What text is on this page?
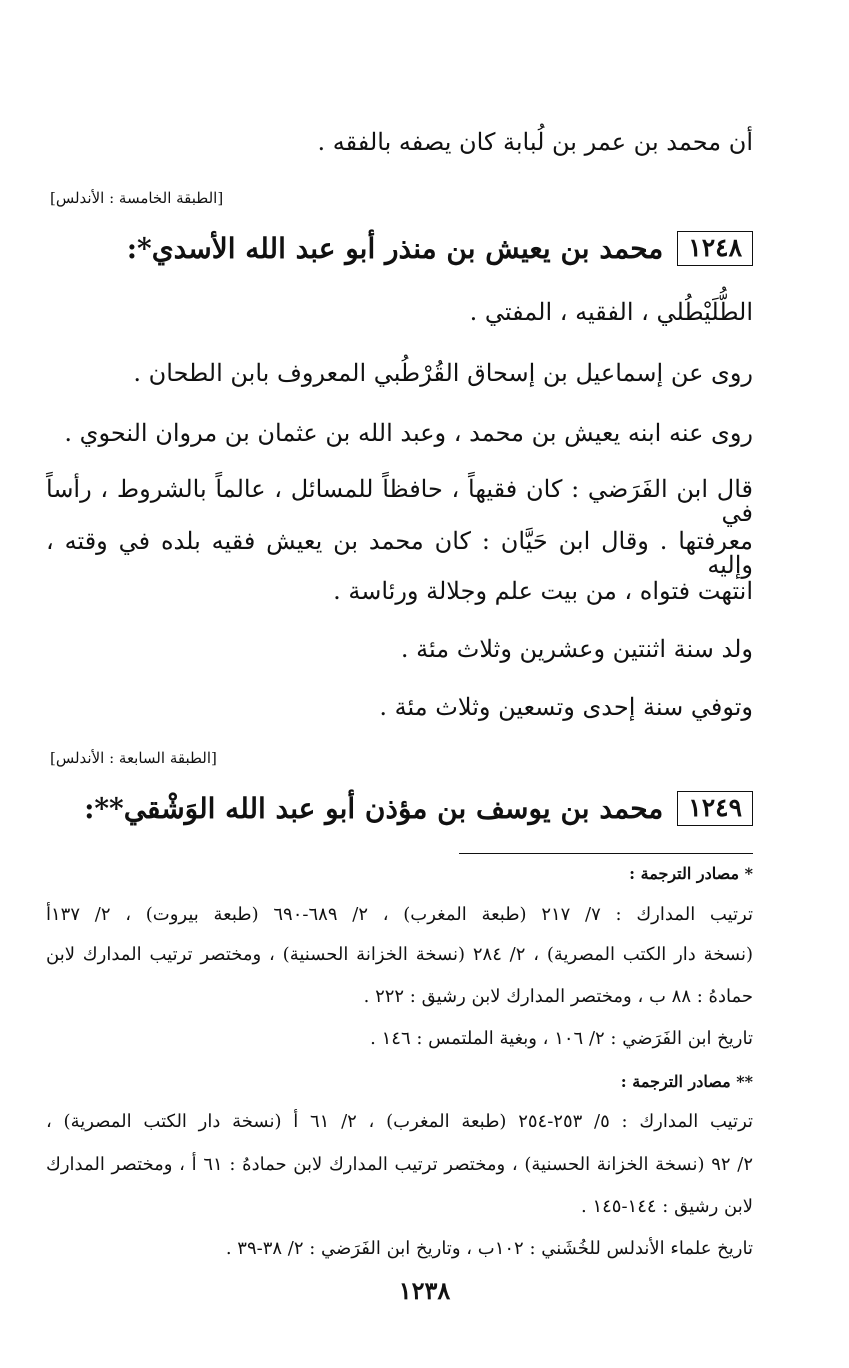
أن محمد بن عمر بن لُبابة كان يصفه بالفقه .
[الطبقة الخامسة : الأندلس]
١٢٤٨
محمد بن يعيش بن منذر أبو عبد الله الأسدي*:
الطُّلَيْطُلي ، الفقيه ، المفتي .
روى عن إسماعيل بن إسحاق القُرْطُبي المعروف بابن الطحان .
روى عنه ابنه يعيش بن محمد ، وعبد الله بن عثمان بن مروان النحوي .
قال ابن الفَرَضي : كان فقيهاً ، حافظاً للمسائل ، عالماً بالشروط ، رأساً في
معرفتها . وقال ابن حَيَّان : كان محمد بن يعيش فقيه بلده في وقته ، وإليه
انتهت فتواه ، من بيت علم وجلالة ورئاسة .
ولد سنة اثنتين وعشرين وثلاث مئة .
وتوفي سنة إحدى وتسعين وثلاث مئة .
[الطبقة السابعة : الأندلس]
١٢٤٩
محمد بن يوسف بن مؤذن أبو عبد الله الوَشْقي**:
* مصادر الترجمة :
ترتيب المدارك : ٧/ ٢١٧ (طبعة المغرب) ، ٢/ ٦٨٩-٦٩٠ (طبعة بيروت) ، ٢/ ١٣٧أ
(نسخة دار الكتب المصرية) ، ٢/ ٢٨٤ (نسخة الخزانة الحسنية) ، ومختصر ترتيب المدارك لابن
حمادهُ : ٨٨ ب ، ومختصر المدارك لابن رشيق : ٢٢٢ .
تاريخ ابن الفَرَضي : ٢/ ١٠٦ ، وبغية الملتمس : ١٤٦ .
** مصادر الترجمة :
ترتيب المدارك : ٥/ ٢٥٣-٢٥٤ (طبعة المغرب) ، ٢/ ٦١ أ (نسخة دار الكتب المصرية) ،
٢/ ٩٢ (نسخة الخزانة الحسنية) ، ومختصر ترتيب المدارك لابن حمادهُ : ٦١ أ ، ومختصر المدارك
لابن رشيق : ١٤٤-١٤٥ .
تاريخ علماء الأندلس للخُشَني : ١٠٢ب ، وتاريخ ابن الفَرَضي : ٢/ ٣٨-٣٩ .
١٢٣٨
